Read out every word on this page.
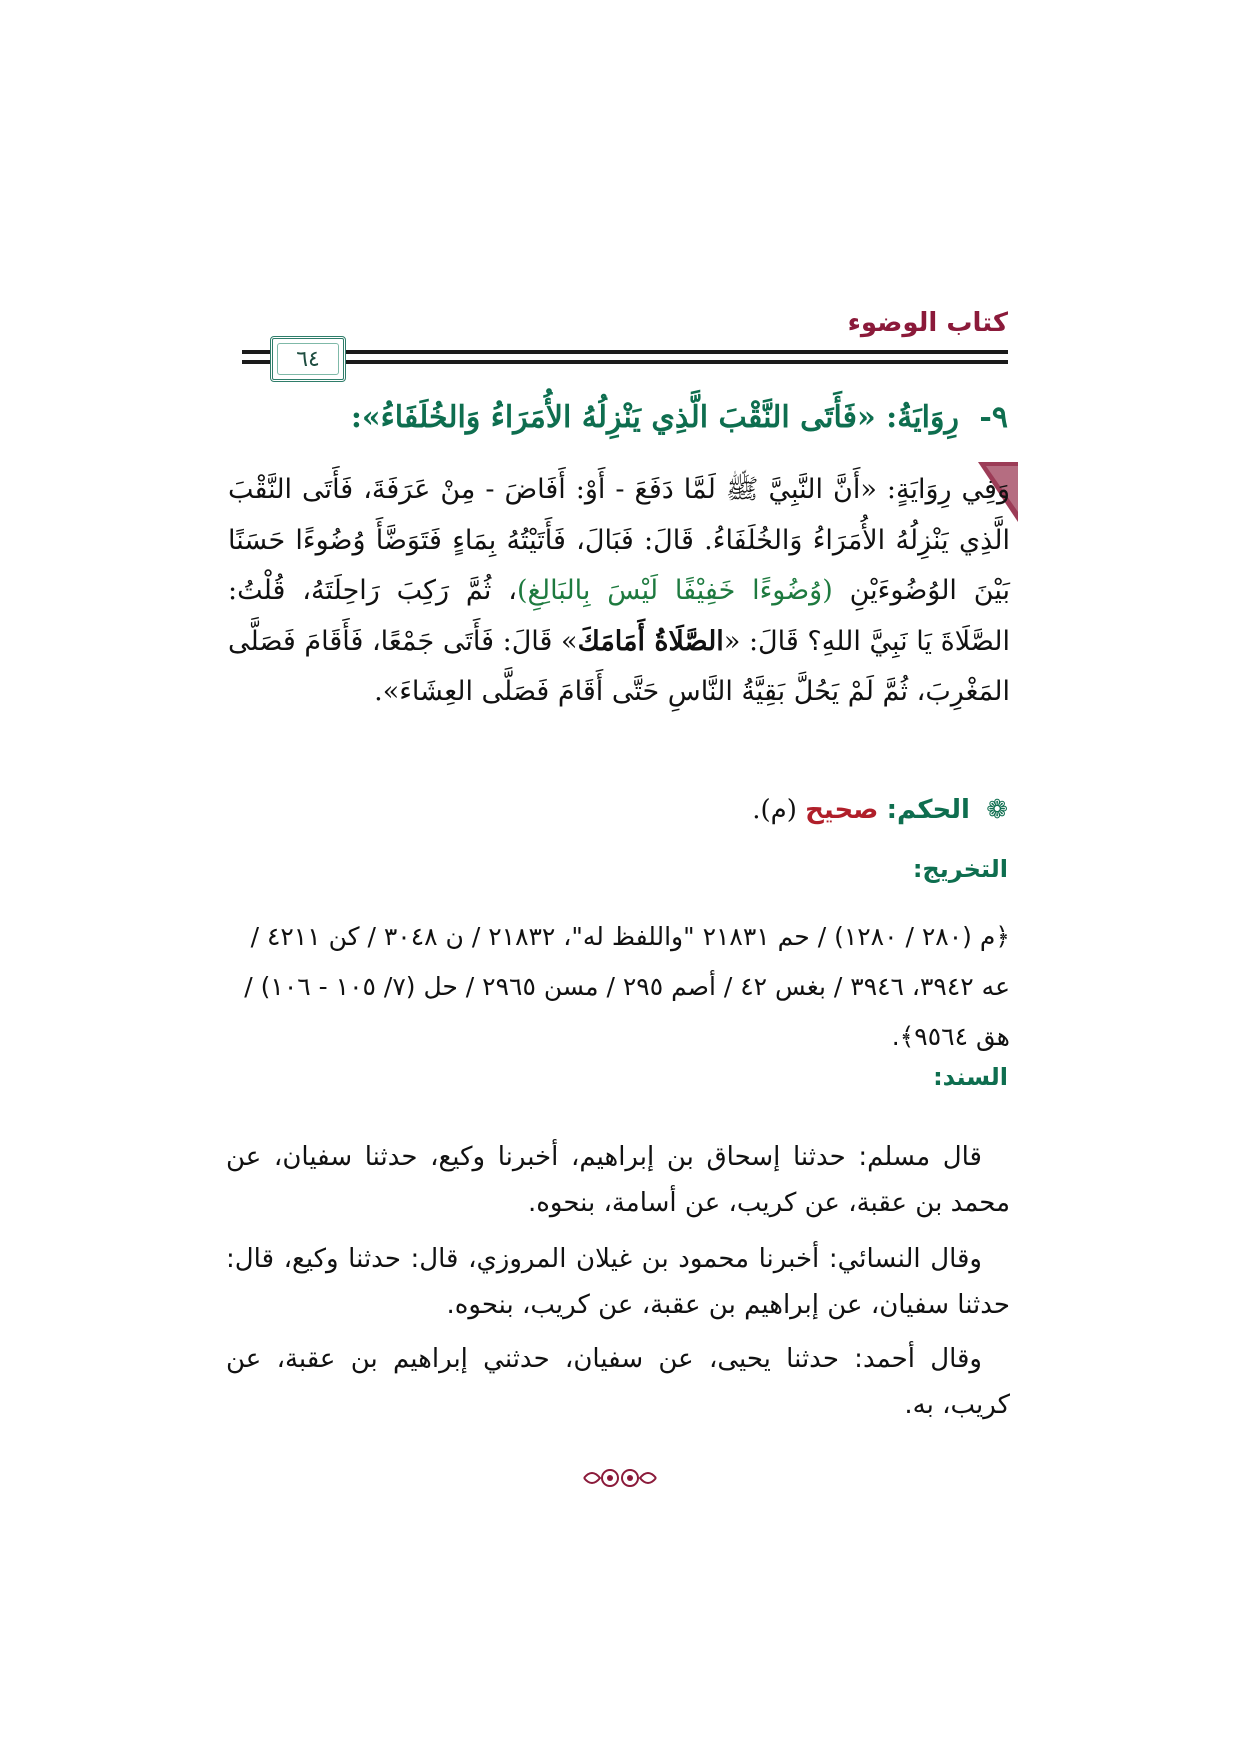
كتاب الوضوء
٦٤
٩- رِوَايَةُ: «فَأَتَى النَّقْبَ الَّذِي يَنْزِلُهُ الأُمَرَاءُ وَالخُلَفَاءُ»:
وَفِي رِوَايَةٍ: «أَنَّ النَّبِيَّ ﷺ لَمَّا دَفَعَ - أَوْ: أَفَاضَ - مِنْ عَرَفَةَ، فَأَتَى النَّقْبَ الَّذِي يَنْزِلُهُ الأُمَرَاءُ وَالخُلَفَاءُ. قَالَ: فَبَالَ، فَأَتَيْتُهُ بِمَاءٍ فَتَوَضَّأَ وُضُوءًا حَسَنًا بَيْنَ الوُضُوءَيْنِ (وُضُوءًا خَفِيْفًا لَيْسَ بِالبَالِغِ)، ثُمَّ رَكِبَ رَاحِلَتَهُ، قُلْتُ: الصَّلَاةَ يَا نَبِيَّ اللهِ؟ قَالَ: «الصَّلَاةُ أَمَامَكَ» قَالَ: فَأَتَى جَمْعًا، فَأَقَامَ فَصَلَّى المَغْرِبَ، ثُمَّ لَمْ يَحُلَّ بَقِيَّةُ النَّاسِ حَتَّى أَقَامَ فَصَلَّى العِشَاءَ».
❁ الحكم: صحيح (م).
التخريج:
﴿م (٢٨٠ / ١٢٨٠) / حم ٢١٨٣١ "واللفظ له"، ٢١٨٣٢ / ن ٣٠٤٨ / كن ٤٢١١ / عه ٣٩٤٢، ٣٩٤٦ / بغس ٤٢ / أصم ٢٩٥ / مسن ٢٩٦٥ / حل (٧/ ١٠٥ - ١٠٦) / هق ٩٥٦٤﴾.
السند:
قال مسلم: حدثنا إسحاق بن إبراهيم، أخبرنا وكيع، حدثنا سفيان، عن محمد بن عقبة، عن كريب، عن أسامة، بنحوه.
وقال النسائي: أخبرنا محمود بن غيلان المروزي، قال: حدثنا وكيع، قال: حدثنا سفيان، عن إبراهيم بن عقبة، عن كريب، بنحوه.
وقال أحمد: حدثنا يحيى، عن سفيان، حدثني إبراهيم بن عقبة، عن كريب، به.
